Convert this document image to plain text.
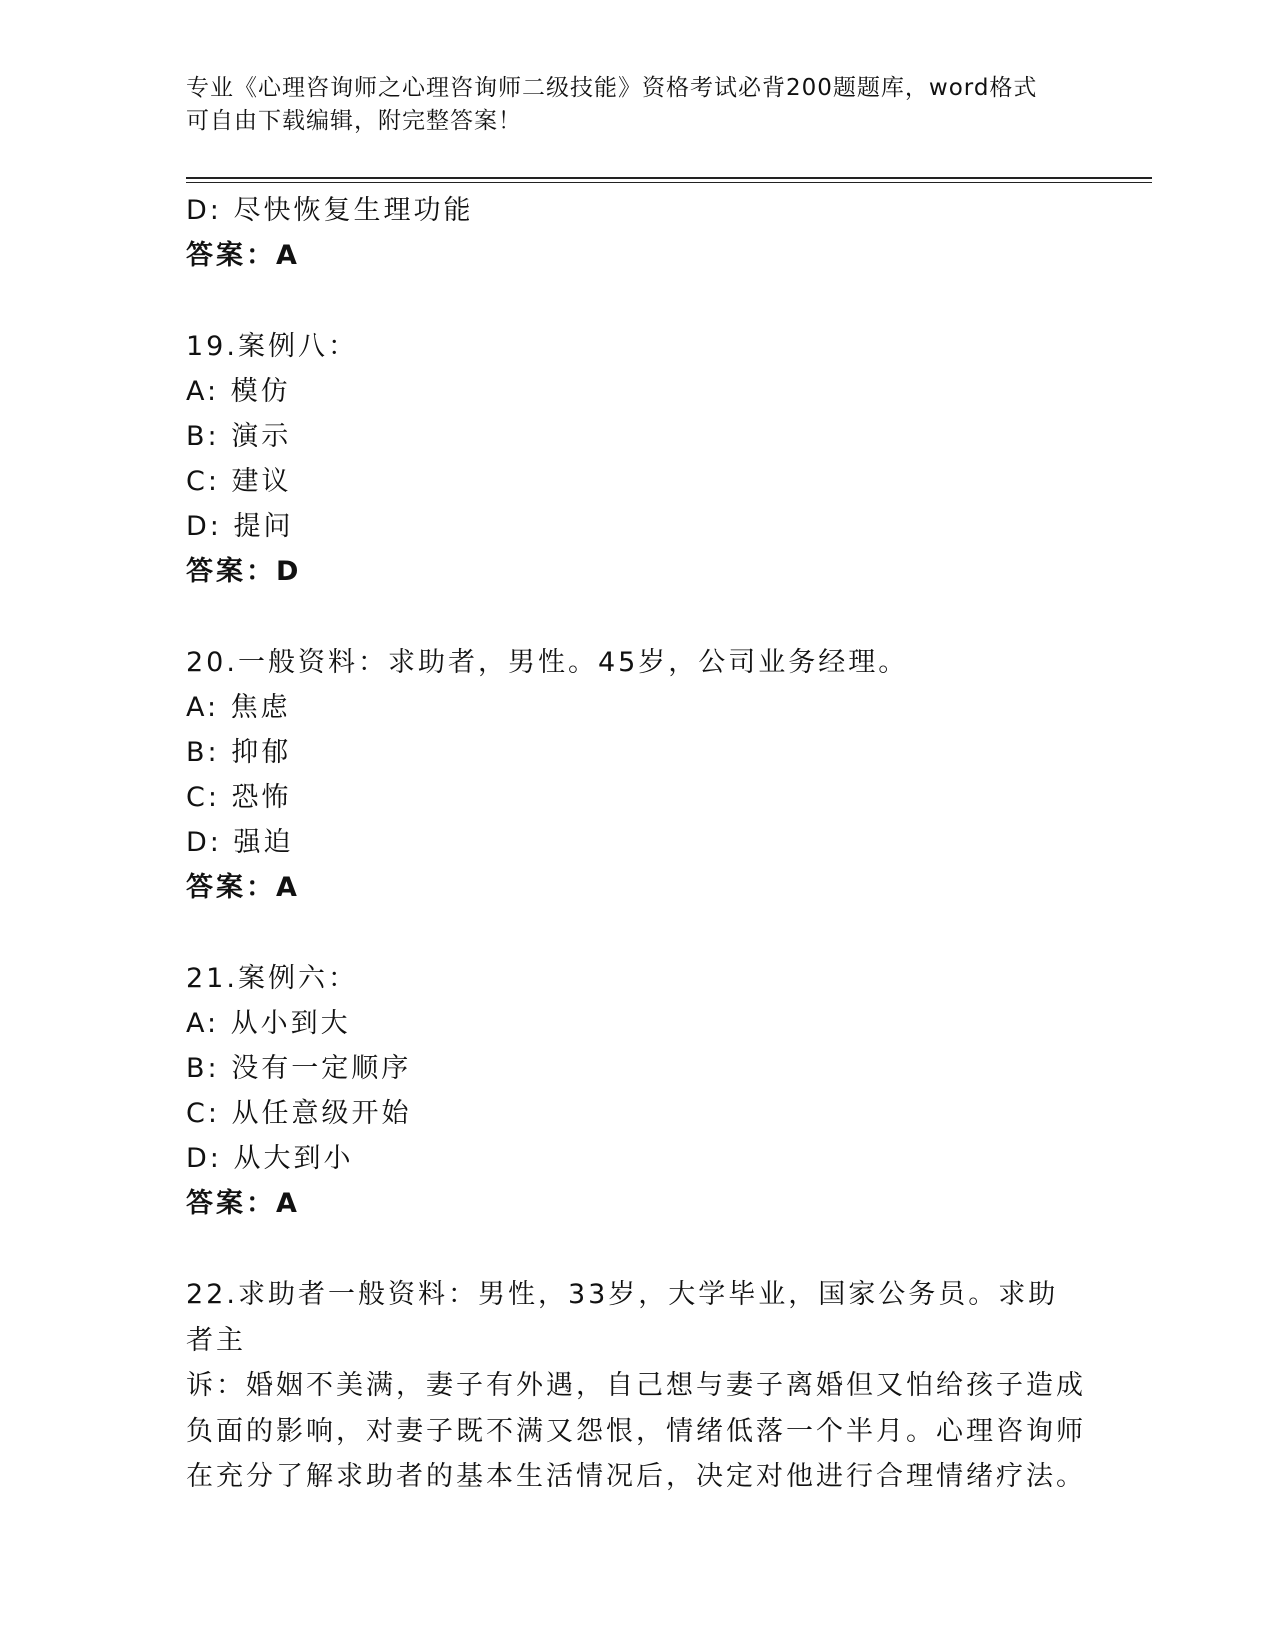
专业《心理咨询师之心理咨询师二级技能》资格考试必背200题题库，word格式
可自由下载编辑，附完整答案！
D: 尽快恢复生理功能
答案：A
19.案例八：
A: 模仿
B: 演示
C: 建议
D: 提问
答案：D
20.一般资料：求助者，男性。45岁，公司业务经理。
A: 焦虑
B: 抑郁
C: 恐怖
D: 强迫
答案：A
21.案例六：
A: 从小到大
B: 没有一定顺序
C: 从任意级开始
D: 从大到小
答案：A
22.求助者一般资料：男性，33岁，大学毕业，国家公务员。求助者主
诉：婚姻不美满，妻子有外遇，自己想与妻子离婚但又怕给孩子造成
负面的影响，对妻子既不满又怨恨，情绪低落一个半月。心理咨询师
在充分了解求助者的基本生活情况后，决定对他进行合理情绪疗法。
